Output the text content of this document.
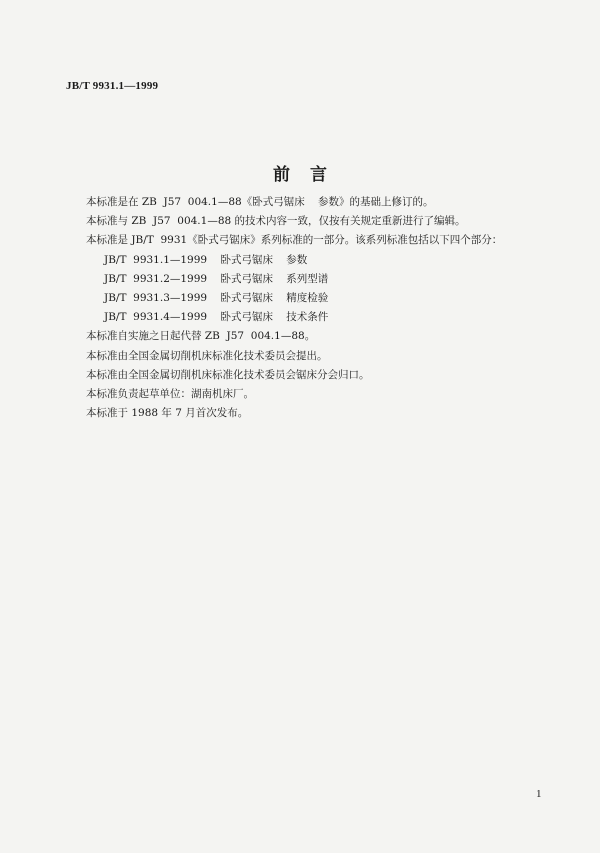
JB/T 9931.1—1999
前言
本标准是在 ZB  J57  004.1—88《卧式弓锯床    参数》的基础上修订的。
本标准与 ZB  J57  004.1—88 的技术内容一致，仅按有关规定重新进行了编辑。
本标准是 JB/T  9931《卧式弓锯床》系列标准的一部分。该系列标准包括以下四个部分：
JB/T  9931.1—1999    卧式弓锯床    参数
JB/T  9931.2—1999    卧式弓锯床    系列型谱
JB/T  9931.3—1999    卧式弓锯床    精度检验
JB/T  9931.4—1999    卧式弓锯床    技术条件
本标准自实施之日起代替 ZB  J57  004.1—88。
本标准由全国金属切削机床标准化技术委员会提出。
本标准由全国金属切削机床标准化技术委员会锯床分会归口。
本标准负责起草单位：湖南机床厂。
本标准于 1988 年 7 月首次发布。
1
